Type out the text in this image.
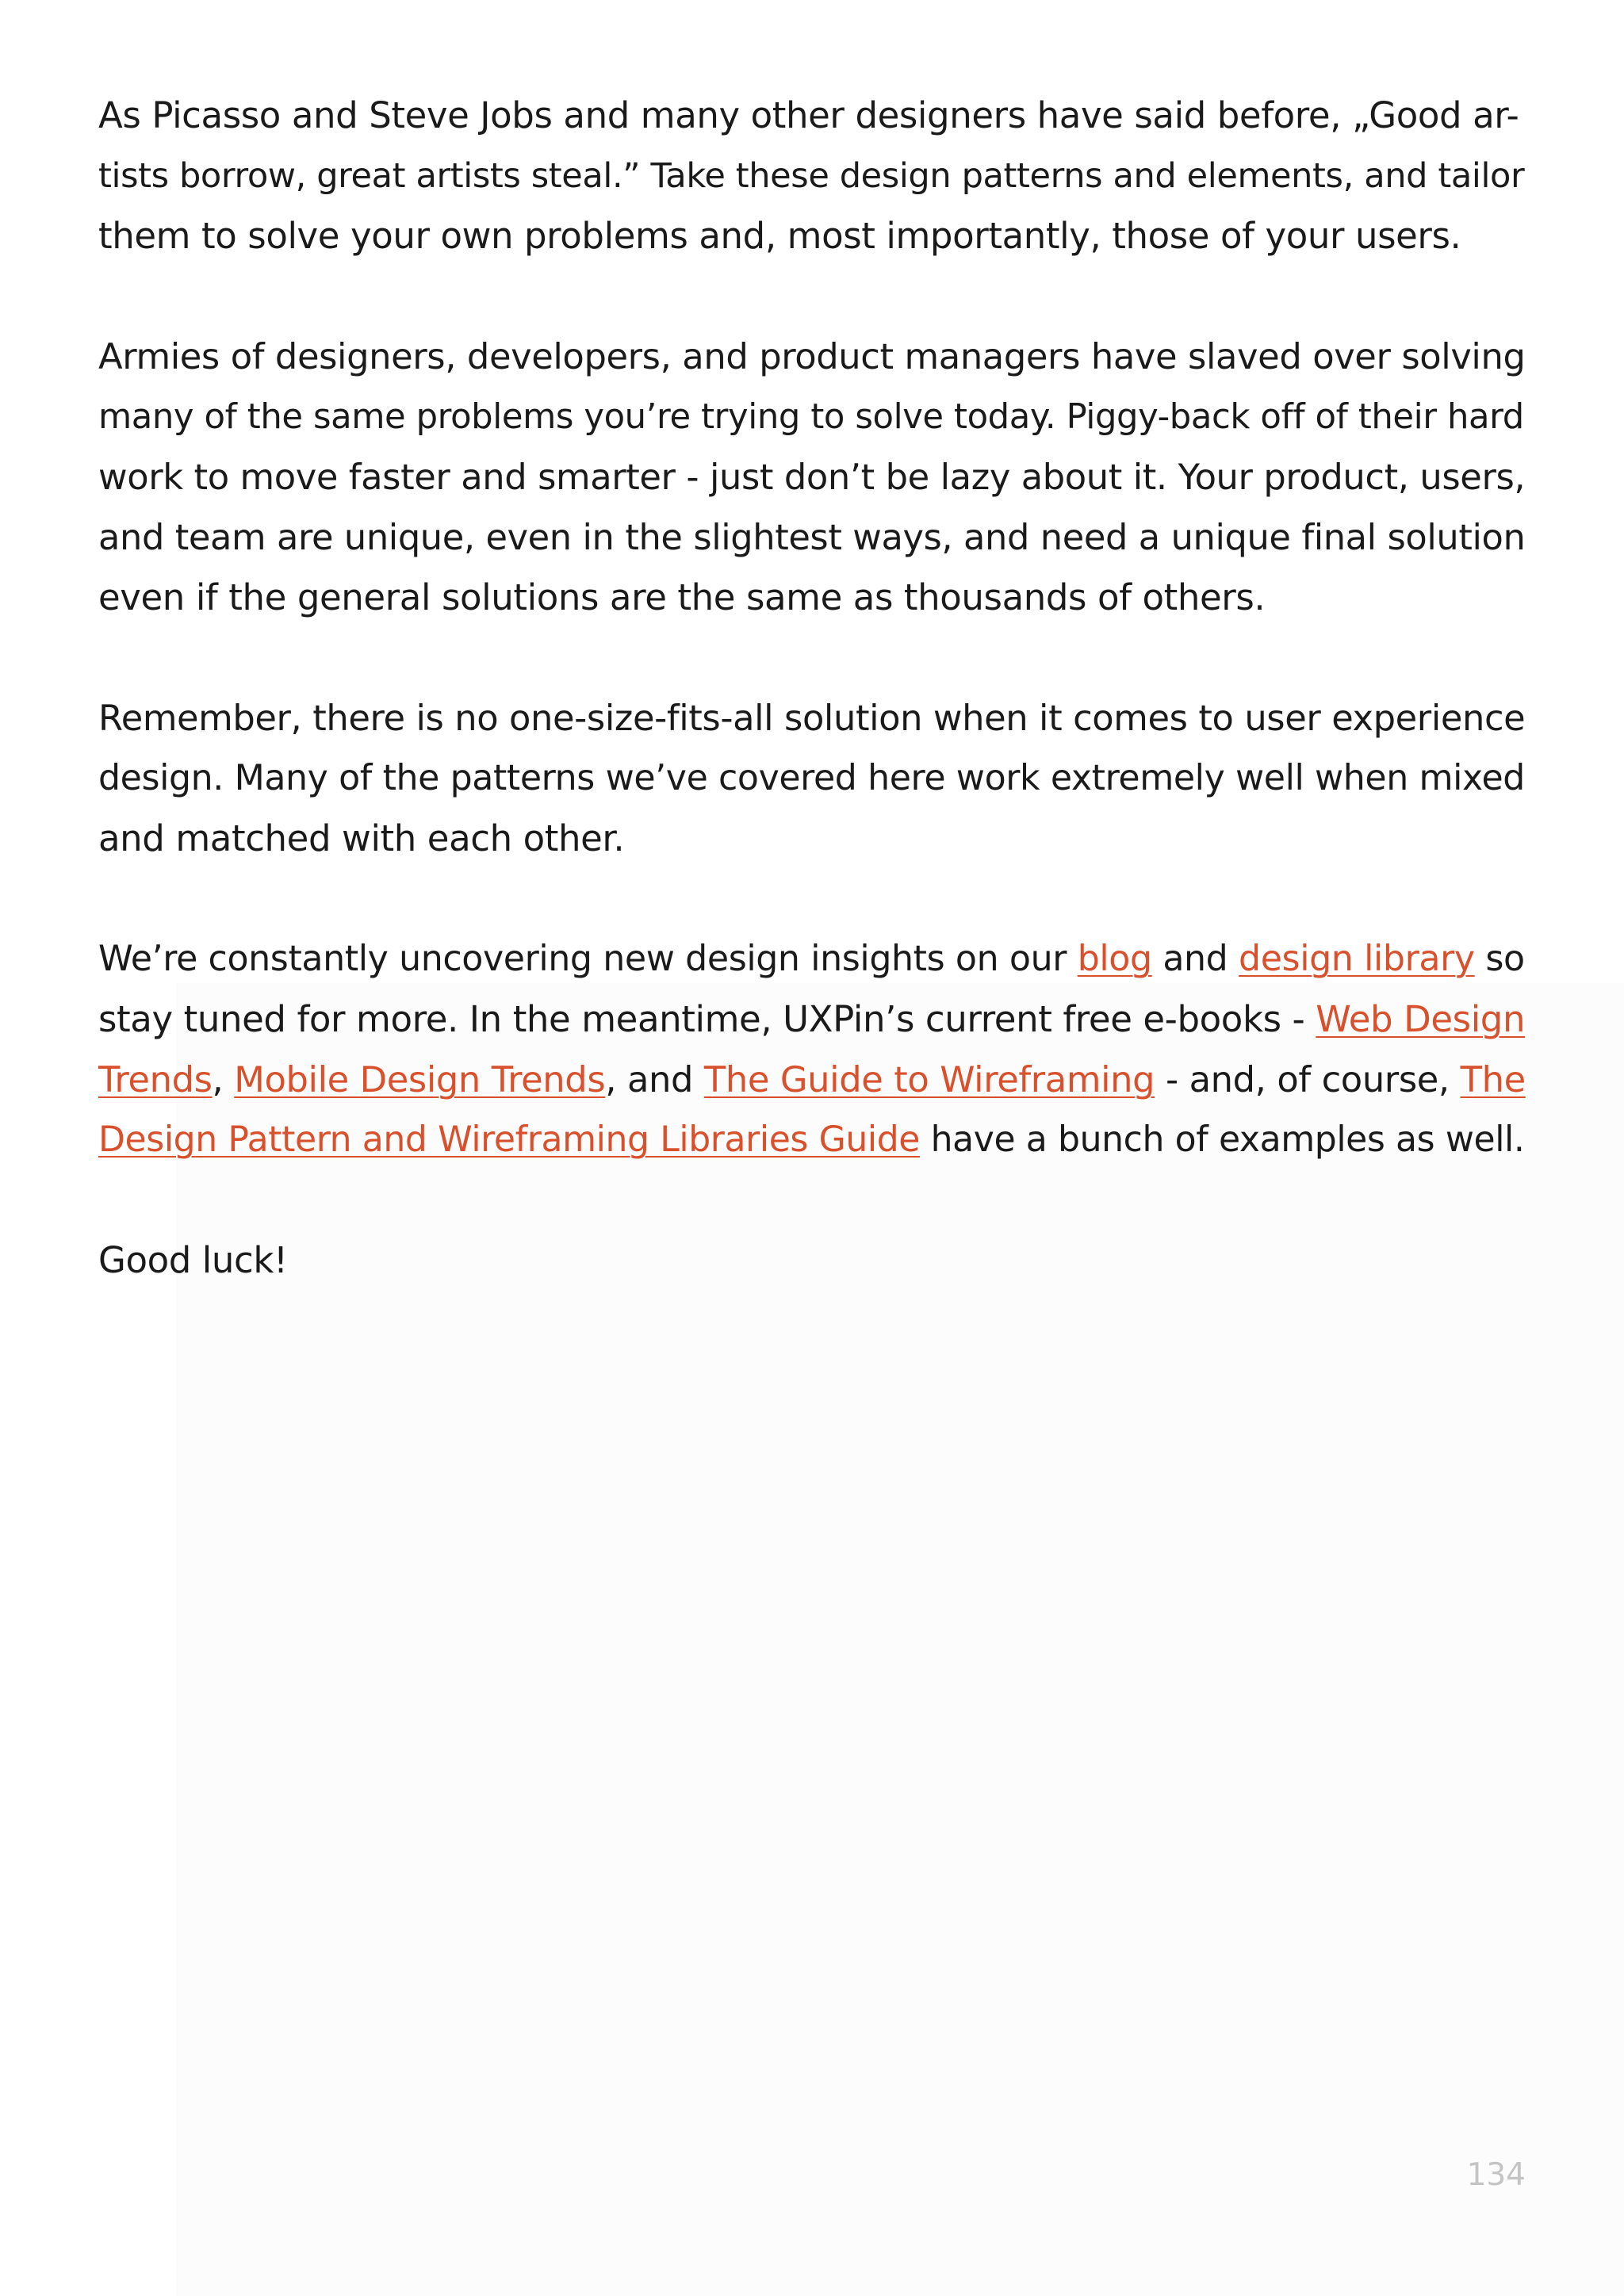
As Picasso and Steve Jobs and many other designers have said before, „Good ar-
tists borrow, great artists steal.” Take these design patterns and elements, and tailor
them to solve your own problems and, most importantly, those of your users.

Armies of designers, developers, and product managers have slaved over solving
many of the same problems you’re trying to solve today. Piggy-back off of their hard
work to move faster and smarter - just don’t be lazy about it. Your product, users,
and team are unique, even in the slightest ways, and need a unique final solution
even if the general solutions are the same as thousands of others.

Remember, there is no one-size-fits-all solution when it comes to user experience
design. Many of the patterns we’ve covered here work extremely well when mixed
and matched with each other.

We’re constantly uncovering new design insights on our blog and design library so
stay tuned for more. In the meantime, UXPin’s current free e-books - Web Design
Trends, Mobile Design Trends, and The Guide to Wireframing - and, of course, The
Design Pattern and Wireframing Libraries Guide have a bunch of examples as well.

Good luck!

134
